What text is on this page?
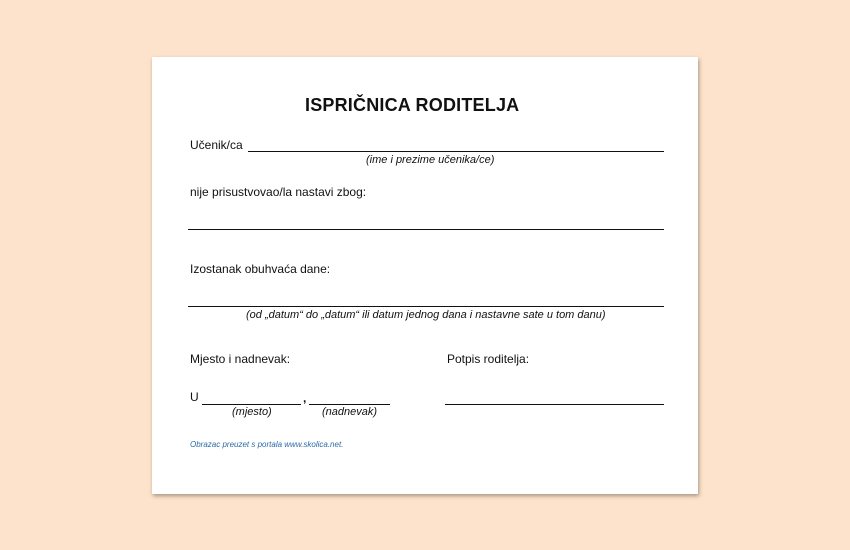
ISPRIČNICA RODITELJA
Učenik/ca
(ime i prezime učenika/ce)
nije prisustvovao/la nastavi zbog:
Izostanak obuhvaća dane:
(od „datum“ do „datum“ ili datum jednog dana i nastavne sate u tom danu)
Mjesto i nadnevak:	Potpis roditelja:
U	,
(mjesto)	(nadnevak)
Obrazac preuzet s portala www.skolica.net.
